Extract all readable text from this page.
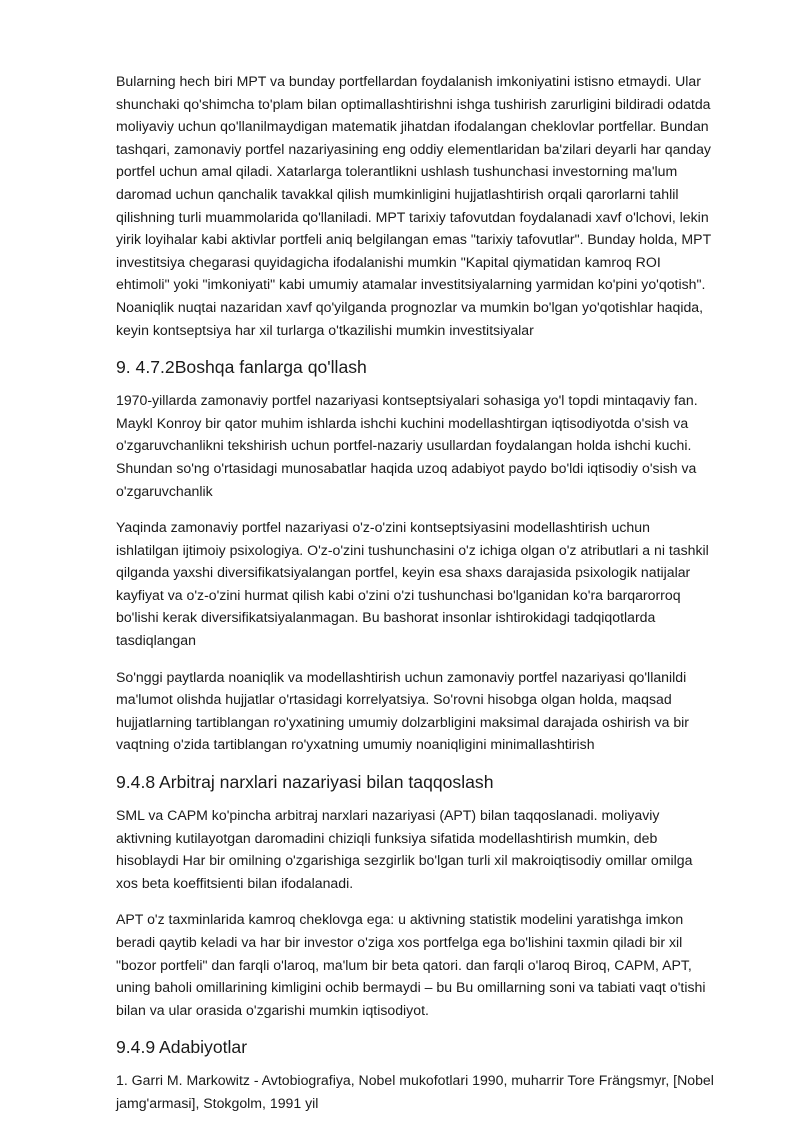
Bularning hech biri MPT va bunday portfellardan foydalanish imkoniyatini istisno etmaydi. Ular shunchaki qo'shimcha to'plam bilan optimallashtirishni ishga tushirish zarurligini bildiradi odatda moliyaviy uchun qo'llanilmaydigan matematik jihatdan ifodalangan cheklovlar portfellar. Bundan tashqari, zamonaviy portfel nazariyasining eng oddiy elementlaridan ba'zilari deyarli har qanday portfel uchun amal qiladi. Xatarlarga tolerantlikni ushlash tushunchasi investorning ma'lum daromad uchun qanchalik tavakkal qilish mumkinligini hujjatlashtirish orqali qarorlarni tahlil qilishning turli muammolarida qo'llaniladi. MPT tarixiy tafovutdan foydalanadi xavf o'lchovi, lekin yirik loyihalar kabi aktivlar portfeli aniq belgilangan emas "tarixiy tafovutlar". Bunday holda, MPT investitsiya chegarasi quyidagicha ifodalanishi mumkin "Kapital qiymatidan kamroq ROI ehtimoli" yoki "imkoniyati" kabi umumiy atamalar investitsiyalarning yarmidan ko'pini yo'qotish". Noaniqlik nuqtai nazaridan xavf qo'yilganda prognozlar va mumkin bo'lgan yo'qotishlar haqida, keyin kontseptsiya har xil turlarga o'tkazilishi mumkin investitsiyalar

9. 4.7.2Boshqa fanlarga qo'llash

1970-yillarda zamonaviy portfel nazariyasi kontseptsiyalari sohasiga yo'l topdi mintaqaviy fan. Maykl Konroy bir qator muhim ishlarda ishchi kuchini modellashtirgan iqtisodiyotda o'sish va o'zgaruvchanlikni tekshirish uchun portfel-nazariy usullardan foydalangan holda ishchi kuchi. Shundan so'ng o'rtasidagi munosabatlar haqida uzoq adabiyot paydo bo'ldi iqtisodiy o'sish va o'zgaruvchanlik

Yaqinda zamonaviy portfel nazariyasi o'z-o'zini kontseptsiyasini modellashtirish uchun ishlatilgan ijtimoiy psixologiya. O'z-o'zini tushunchasini o'z ichiga olgan o'z atributlari a ni tashkil qilganda yaxshi diversifikatsiyalangan portfel, keyin esa shaxs darajasida psixologik natijalar kayfiyat va o'z-o'zini hurmat qilish kabi o'zini o'zi tushunchasi bo'lganidan ko'ra barqarorroq bo'lishi kerak diversifikatsiyalanmagan. Bu bashorat insonlar ishtirokidagi tadqiqotlarda tasdiqlangan

So'nggi paytlarda noaniqlik va modellashtirish uchun zamonaviy portfel nazariyasi qo'llanildi ma'lumot olishda hujjatlar o'rtasidagi korrelyatsiya. So'rovni hisobga olgan holda, maqsad hujjatlarning tartiblangan ro'yxatining umumiy dolzarbligini maksimal darajada oshirish va bir vaqtning o'zida tartiblangan ro'yxatning umumiy noaniqligini minimallashtirish

9.4.8 Arbitraj narxlari nazariyasi bilan taqqoslash

SML va CAPM ko'pincha arbitraj narxlari nazariyasi (APT) bilan taqqoslanadi. moliyaviy aktivning kutilayotgan daromadini chiziqli funksiya sifatida modellashtirish mumkin, deb hisoblaydi Har bir omilning o'zgarishiga sezgirlik bo'lgan turli xil makroiqtisodiy omillar omilga xos beta koeffitsienti bilan ifodalanadi.

APT o'z taxminlarida kamroq cheklovga ega: u aktivning statistik modelini yaratishga imkon beradi qaytib keladi va har bir investor o'ziga xos portfelga ega bo'lishini taxmin qiladi bir xil "bozor portfeli" dan farqli o'laroq, ma'lum bir beta qatori. dan farqli o'laroq Biroq, CAPM, APT, uning baholi omillarining kimligini ochib bermaydi – bu Bu omillarning soni va tabiati vaqt o'tishi bilan va ular orasida o'zgarishi mumkin iqtisodiyot.

9.4.9 Adabiyotlar

1. Garri M. Markowitz - Avtobiografiya, Nobel mukofotlari 1990, muharrir Tore Frängsmyr, [Nobel jamg'armasi], Stokgolm, 1991 yil
